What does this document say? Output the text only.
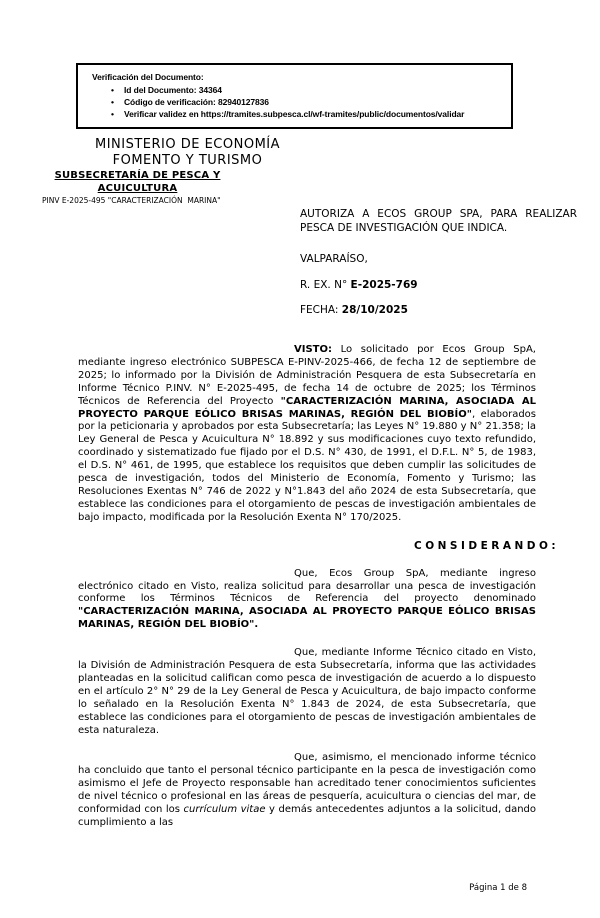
Verificación del Documento:

• Id del Documento: 34364
• Código de verificación: 82940127836
• Verificar validez en https://tramites.subpesca.cl/wf-tramites/public/documentos/validar
MINISTERIO DE ECONOMÍA
FOMENTO Y TURISMO
SUBSECRETARÍA DE PESCA Y
ACUICULTURA
PINV E-2025-495 "CARACTERIZACIÓN  MARINA"

AUTORIZA A ECOS GROUP SPA, PARA REALIZAR PESCA DE INVESTIGACIÓN QUE INDICA.

VALPARAÍSO,

R. EX. N° E-2025-769

FECHA: 28/10/2025

VISTO: Lo solicitado por Ecos Group SpA, mediante ingreso electrónico SUBPESCA E-PINV-2025-466, de fecha 12 de septiembre de 2025; lo informado por la División de Administración Pesquera de esta Subsecretaría en Informe Técnico P.INV. N° E-2025-495, de fecha 14 de octubre de 2025; los Términos Técnicos de Referencia del Proyecto "CARACTERIZACIÓN MARINA, ASOCIADA AL PROYECTO PARQUE EÓLICO BRISAS MARINAS, REGIÓN DEL BIOBÍO", elaborados por la peticionaria y aprobados por esta Subsecretaría; las Leyes N° 19.880 y N° 21.358; la Ley General de Pesca y Acuicultura N° 18.892 y sus modificaciones cuyo texto refundido, coordinado y sistematizado fue fijado por el D.S. N° 430, de 1991, el D.F.L. N° 5, de 1983, el D.S. N° 461, de 1995, que establece los requisitos que deben cumplir las solicitudes de pesca de investigación, todos del Ministerio de Economía, Fomento y Turismo; las Resoluciones Exentas N° 746 de 2022 y N°1.843 del año 2024 de esta Subsecretaría, que establece las condiciones para el otorgamiento de pescas de investigación ambientales de bajo impacto, modificada por la Resolución Exenta N° 170/2025.

CONSIDERANDO:

Que, Ecos Group SpA, mediante ingreso electrónico citado en Visto, realiza solicitud para desarrollar una pesca de investigación conforme los Términos Técnicos de Referencia del proyecto denominado "CARACTERIZACIÓN MARINA, ASOCIADA AL PROYECTO PARQUE EÓLICO BRISAS MARINAS, REGIÓN DEL BIOBÍO".

Que, mediante Informe Técnico citado en Visto, la División de Administración Pesquera de esta Subsecretaría, informa que las actividades planteadas en la solicitud califican como pesca de investigación de acuerdo a lo dispuesto en el artículo 2° N° 29 de la Ley General de Pesca y Acuicultura, de bajo impacto conforme lo señalado en la Resolución Exenta N° 1.843 de 2024, de esta Subsecretaría, que establece las condiciones para el otorgamiento de pescas de investigación ambientales de esta naturaleza.

Que, asimismo, el mencionado informe técnico ha concluido que tanto el personal técnico participante en la pesca de investigación como asimismo el Jefe de Proyecto responsable han acreditado tener conocimientos suficientes de nivel técnico o profesional en las áreas de pesquería, acuicultura o ciencias del mar, de conformidad con los currículum vitae y demás antecedentes adjuntos a la solicitud, dando cumplimiento a las

Página 1 de 8
